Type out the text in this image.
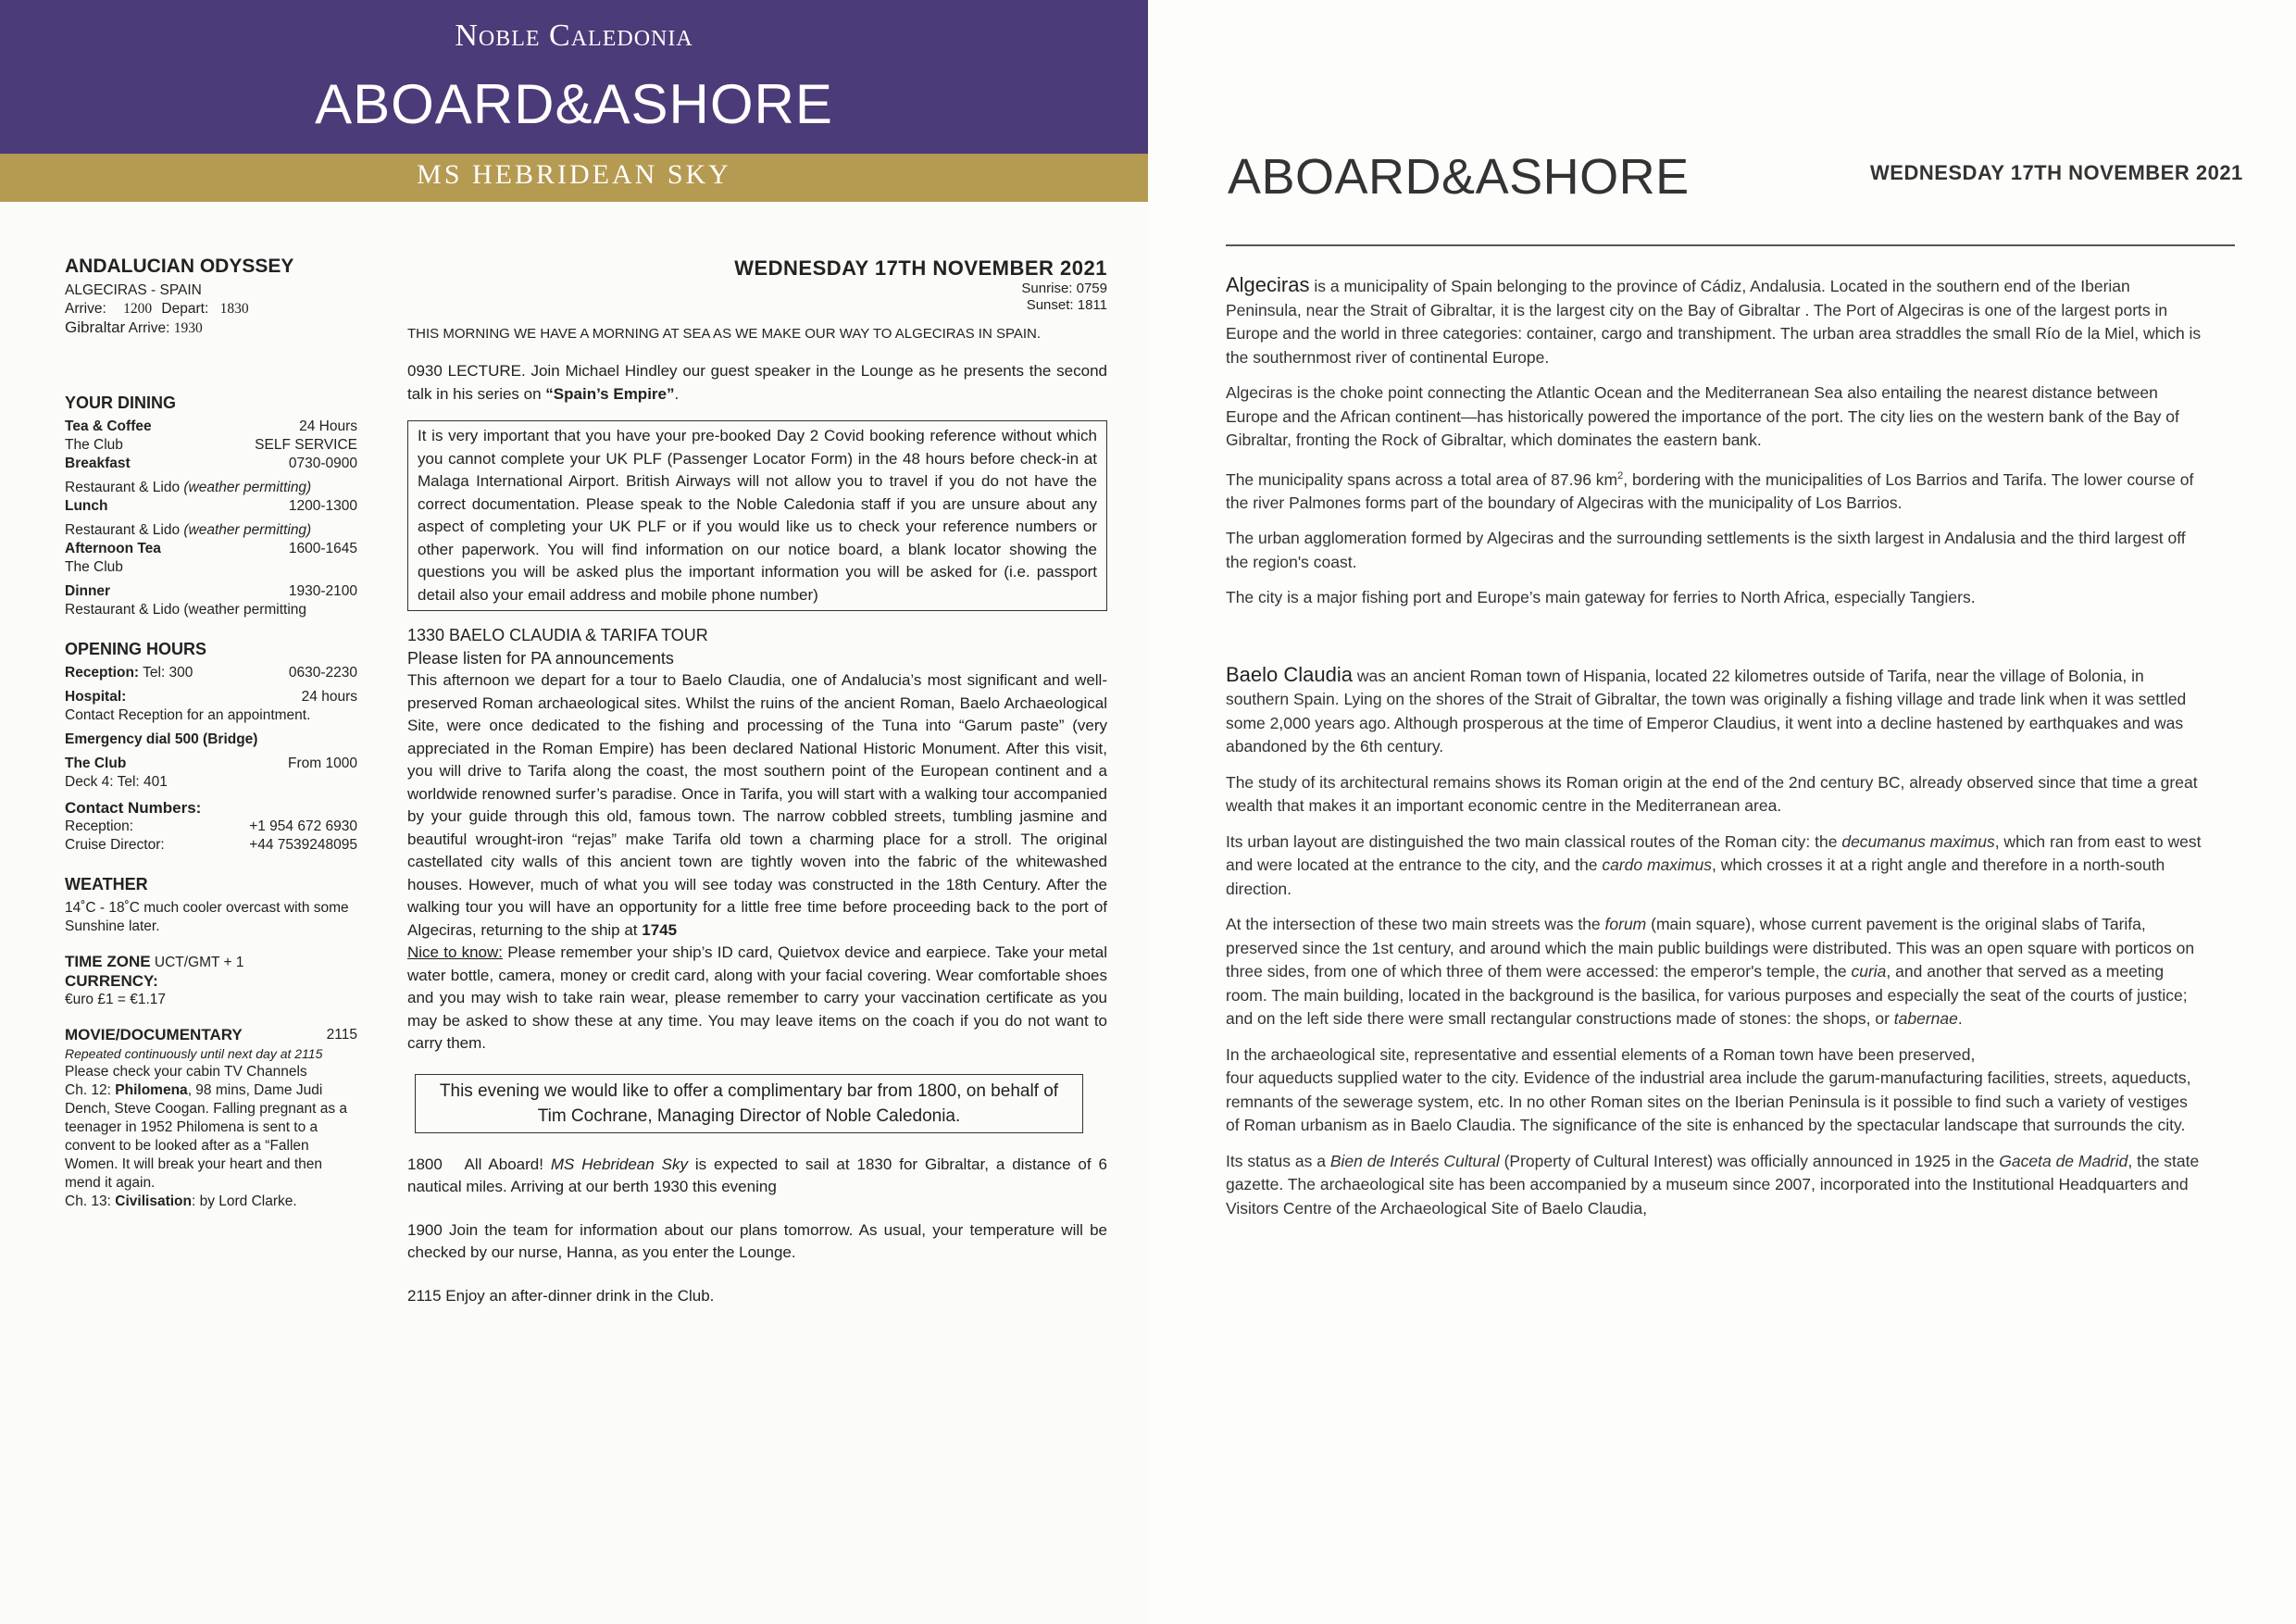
Noble Caledonia
ABOARD&ASHORE
MS HEBRIDEAN SKY
ANDALUCIAN ODYSSEY
ALGECIRAS - SPAIN
Arrive: 1200 Depart: 1830
Gibraltar Arrive: 1930
YOUR DINING
Tea & Coffee	24 Hours
The Club	SELF SERVICE
Breakfast	0730-0900
Restaurant & Lido (weather permitting)
Lunch	1200-1300
Restaurant & Lido (weather permitting)
Afternoon Tea	1600-1645
The Club
Dinner	1930-2100
Restaurant & Lido (weather permitting
OPENING HOURS
Reception: Tel: 300	0630-2230
Hospital:	24 hours
Contact Reception for an appointment.
Emergency dial 500 (Bridge)
The Club	From 1000
Deck 4: Tel: 401
Contact Numbers:
Reception:	+1 954 672 6930
Cruise Director:	+44 7539248095
WEATHER
14˚C - 18˚C much cooler overcast with some Sunshine later.
TIME ZONE UCT/GMT + 1
CURRENCY:
€uro £1 = €1.17
MOVIE/DOCUMENTARY	2115
Repeated continuously until next day at 2115
Please check your cabin TV Channels
Ch. 12: Philomena, 98 mins, Dame Judi Dench, Steve Coogan. Falling pregnant as a teenager in 1952 Philomena is sent to a convent to be looked after as a “Fallen Women. It will break your heart and then mend it again.
Ch. 13: Civilisation: by Lord Clarke.
WEDNESDAY 17TH NOVEMBER 2021
Sunrise: 0759
Sunset: 1811
THIS MORNING WE HAVE A MORNING AT SEA AS WE MAKE OUR WAY TO ALGECIRAS IN SPAIN.

0930 LECTURE. Join Michael Hindley our guest speaker in the Lounge as he presents the second talk in his series on “Spain’s Empire”.

It is very important that you have your pre-booked Day 2 Covid booking reference without which you cannot complete your UK PLF (Passenger Locator Form) in the 48 hours before check-in at Malaga International Airport. British Airways will not allow you to travel if you do not have the correct documentation. Please speak to the Noble Caledonia staff if you are unsure about any aspect of completing your UK PLF or if you would like us to check your reference numbers or other paperwork. You will find information on our notice board, a blank locator showing the questions you will be asked plus the important information you will be asked for (i.e. passport detail also your email address and mobile phone number)
1330 BAELO CLAUDIA & TARIFA TOUR
Please listen for PA announcements

This afternoon we depart for a tour to Baelo Claudia, one of Andalucia’s most significant and well-preserved Roman archaeological sites. Whilst the ruins of the ancient Roman, Baelo Archaeological Site, were once dedicated to the fishing and processing of the Tuna into “Garum paste” (very appreciated in the Roman Empire) has been declared National Historic Monument. After this visit, you will drive to Tarifa along the coast, the most southern point of the European continent and a worldwide renowned surfer’s paradise. Once in Tarifa, you will start with a walking tour accompanied by your guide through this old, famous town. The narrow cobbled streets, tumbling jasmine and beautiful wrought-iron “rejas” make Tarifa old town a charming place for a stroll. The original castellated city walls of this ancient town are tightly woven into the fabric of the whitewashed houses. However, much of what you will see today was constructed in the 18th Century. After the walking tour you will have an opportunity for a little free time before proceeding back to the port of Algeciras, returning to the ship at 1745

Nice to know: Please remember your ship’s ID card, Quietvox device and earpiece. Take your metal water bottle, camera, money or credit card, along with your facial covering. Wear comfortable shoes and you may wish to take rain wear, please remember to carry your vaccination certificate as you may be asked to show these at any time. You may leave items on the coach if you do not want to carry them.

This evening we would like to offer a complimentary bar from 1800, on behalf of Tim Cochrane, Managing Director of Noble Caledonia.

1800 All Aboard! MS Hebridean Sky is expected to sail at 1830 for Gibraltar, a distance of 6 nautical miles. Arriving at our berth 1930 this evening

1900 Join the team for information about our plans tomorrow. As usual, your temperature will be checked by our nurse, Hanna, as you enter the Lounge.

2115 Enjoy an after-dinner drink in the Club.

ABOARD&ASHORE	WEDNESDAY 17TH NOVEMBER 2021

Algeciras is a municipality of Spain belonging to the province of Cádiz, Andalusia. Located in the southern end of the Iberian Peninsula, near the Strait of Gibraltar, it is the largest city on the Bay of Gibraltar . The Port of Algeciras is one of the largest ports in Europe and the world in three categories: container, cargo and transhipment. The urban area straddles the small Río de la Miel, which is the southernmost river of continental Europe.

Algeciras is the choke point connecting the Atlantic Ocean and the Mediterranean Sea also entailing the nearest distance between Europe and the African continent—has historically powered the importance of the port. The city lies on the western bank of the Bay of Gibraltar, fronting the Rock of Gibraltar, which dominates the eastern bank.

The municipality spans across a total area of 87.96 $km^2$, bordering with the municipalities of Los Barrios and Tarifa. The lower course of the river Palmones forms part of the boundary of Algeciras with the municipality of Los Barrios.

The urban agglomeration formed by Algeciras and the surrounding settlements is the sixth largest in Andalusia and the third largest off the region's coast.

The city is a major fishing port and Europe’s main gateway for ferries to North Africa, especially Tangiers.

Baelo Claudia was an ancient Roman town of Hispania, located 22 kilometres outside of Tarifa, near the village of Bolonia, in southern Spain. Lying on the shores of the Strait of Gibraltar, the town was originally a fishing village and trade link when it was settled some 2,000 years ago. Although prosperous at the time of Emperor Claudius, it went into a decline hastened by earthquakes and was abandoned by the 6th century.

The study of its architectural remains shows its Roman origin at the end of the 2nd century BC, already observed since that time a great wealth that makes it an important economic centre in the Mediterranean area.

Its urban layout are distinguished the two main classical routes of the Roman city: the decumanus maximus, which ran from east to west and were located at the entrance to the city, and the cardo maximus, which crosses it at a right angle and therefore in a north-south direction.

At the intersection of these two main streets was the forum (main square), whose current pavement is the original slabs of Tarifa, preserved since the 1st century, and around which the main public buildings were distributed. This was an open square with porticos on three sides, from one of which three of them were accessed: the emperor's temple, the curia, and another that served as a meeting room. The main building, located in the background is the basilica, for various purposes and especially the seat of the courts of justice; and on the left side there were small rectangular constructions made of stones: the shops, or tabernae.

In the archaeological site, representative and essential elements of a Roman town have been preserved,
four aqueducts supplied water to the city. Evidence of the industrial area include the garum-manufacturing facilities, streets, aqueducts, remnants of the sewerage system, etc. In no other Roman sites on the Iberian Peninsula is it possible to find such a variety of vestiges of Roman urbanism as in Baelo Claudia. The significance of the site is enhanced by the spectacular landscape that surrounds the city.

Its status as a Bien de Interés Cultural (Property of Cultural Interest) was officially announced in 1925 in the Gaceta de Madrid, the state gazette. The archaeological site has been accompanied by a museum since 2007, incorporated into the Institutional Headquarters and Visitors Centre of the Archaeological Site of Baelo Claudia,
